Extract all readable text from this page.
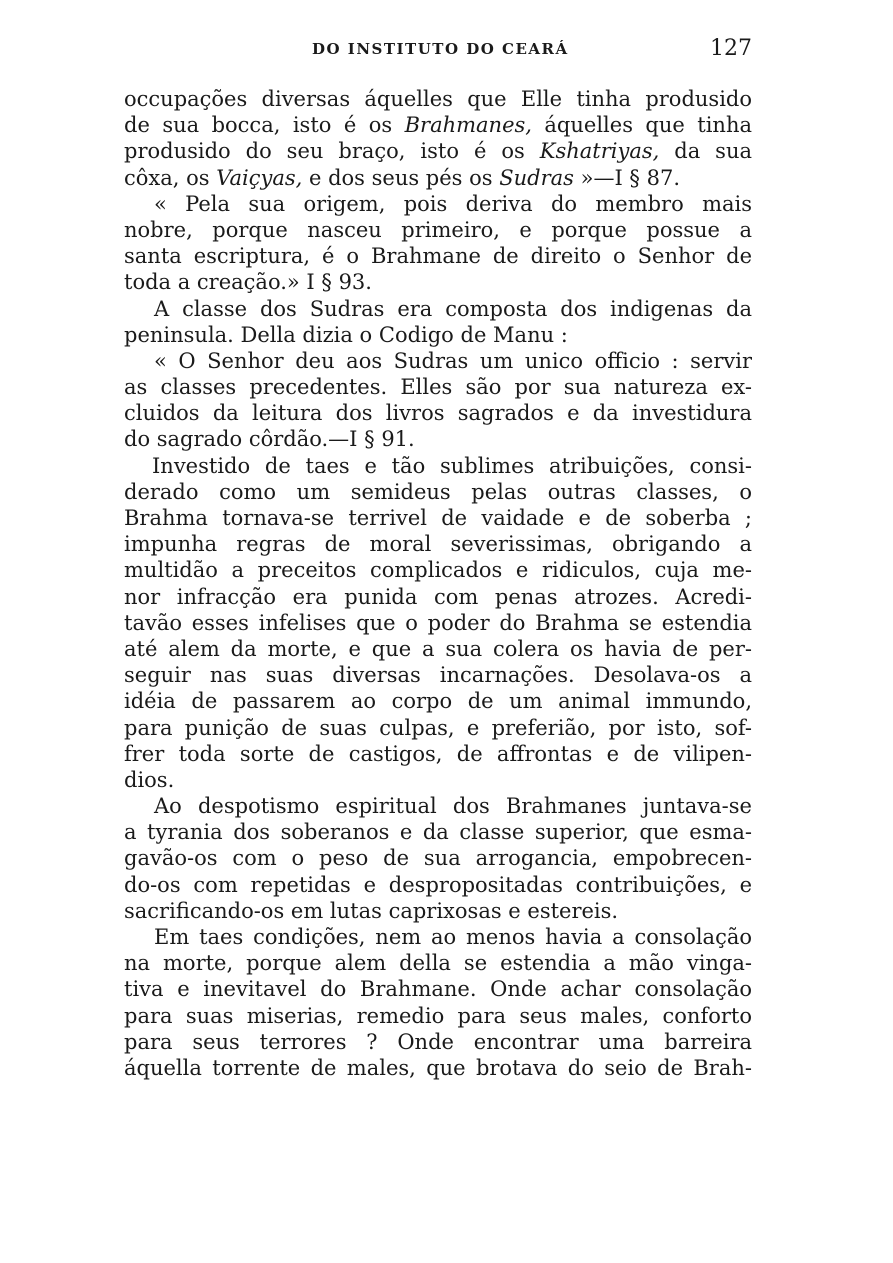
DO INSTITUTO DO CEARÁ	127
occupações diversas áquelles que Elle tinha produsido
de sua bocca, isto é os Brahmanes, áquelles que tinha
produsido do seu braço, isto é os Kshatriyas, da sua
côxa, os Vaiçyas, e dos seus pés os Sudras »—I § 87.
« Pela sua origem, pois deriva do membro mais
nobre, porque nasceu primeiro, e porque possue a
santa escriptura, é o Brahmane de direito o Senhor de
toda a creação.» I § 93.
A classe dos Sudras era composta dos indigenas da
peninsula. Della dizia o Codigo de Manu :
« O Senhor deu aos Sudras um unico officio : servir
as classes precedentes. Elles são por sua natureza ex-
cluidos da leitura dos livros sagrados e da investidura
do sagrado côrdão.—I § 91.
Investido de taes e tão sublimes atribuições, consi-
derado como um semideus pelas outras classes, o
Brahma tornava-se terrivel de vaidade e de soberba ;
impunha regras de moral severissimas, obrigando a
multidão a preceitos complicados e ridiculos, cuja me-
nor infracção era punida com penas atrozes. Acredi-
tavão esses infelises que o poder do Brahma se estendia
até alem da morte, e que a sua colera os havia de per-
seguir nas suas diversas incarnações. Desolava-os a
idéia de passarem ao corpo de um animal immundo,
para punição de suas culpas, e preferião, por isto, sof-
frer toda sorte de castigos, de affrontas e de vilipen-
dios.
Ao despotismo espiritual dos Brahmanes juntava-se
a tyrania dos soberanos e da classe superior, que esma-
gavão-os com o peso de sua arrogancia, empobrecen-
do-os com repetidas e despropositadas contribuições, e
sacrificando-os em lutas caprixosas e estereis.
Em taes condições, nem ao menos havia a consolação
na morte, porque alem della se estendia a mão vinga-
tiva e inevitavel do Brahmane. Onde achar consolação
para suas miserias, remedio para seus males, conforto
para seus terrores ? Onde encontrar uma barreira
áquella torrente de males, que brotava do seio de Brah-
